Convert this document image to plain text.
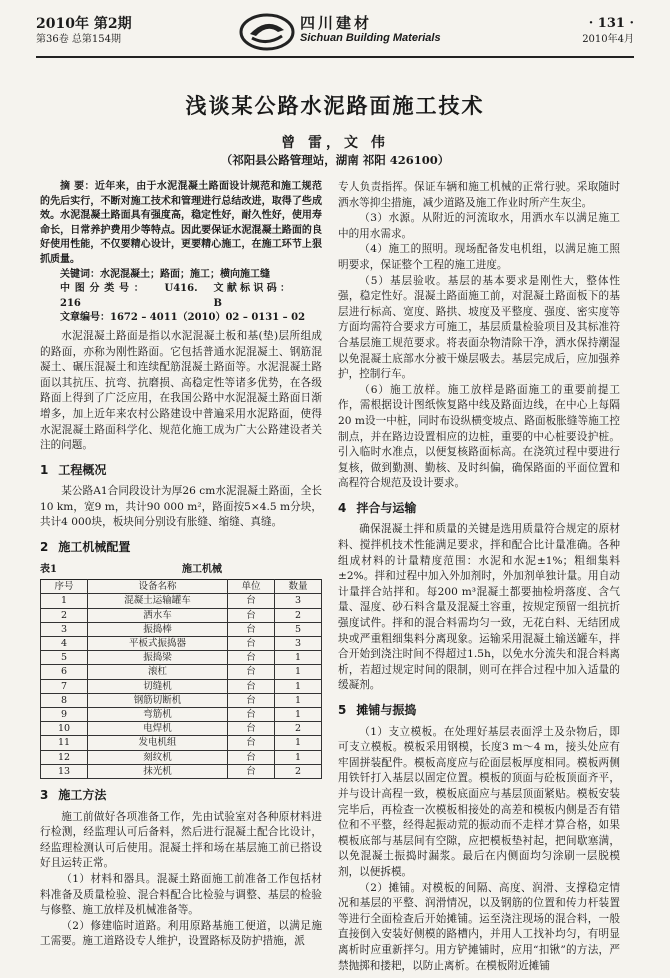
2010年 第2期
第36卷 总第154期
四川建材
Sichuan Building Materials
· 131 ·
2010年4月
浅谈某公路水泥路面施工技术
曾 雷，文 伟
（祁阳县公路管理站，湖南 祁阳 426100）

摘 要：近年来，由于水泥混凝土路面设计规范和施工规范的先后实行，不断对施工技术和管理进行总结改进，取得了些成效。水泥混凝土路面具有强度高，稳定性好，耐久性好，使用寿命长，日常养护费用少等特点。因此要保证水泥混凝土路面的良好使用性能，不仅要精心设计，更要精心施工，在施工环节上狠抓质量。

关键词：水泥混凝土；路面；施工；横向施工缝

中图分类号： U416. 216
文献标识码：B

文章编号：1672 – 4011（2010）02 – 0131 – 02

水泥混凝土路面是指以水泥混凝土板和基(垫)层所组成的路面，亦称为刚性路面。它包括普通水泥混凝土、钢筋混凝土、碾压混凝土和连续配筋混凝土路面等。水泥混凝土路面以其抗压、抗弯、抗磨损、高稳定性等诸多优势，在各级路面上得到了广泛应用，在我国公路中水泥混凝土路面日渐增多，加上近年来农村公路建设中普遍采用水泥路面，使得水泥混凝土路面科学化、规范化施工成为广大公路建设者关注的问题。

1 工程概况

某公路A1合同段设计为厚26 cm水泥混凝土路面，全长10 km，宽9 m，共计90 000 m²，路面按5×4.5 m分块，共计4 000块，板块间分别设有胀缝、缩缝、真缝。

2 施工机械配置
表1	施工机械
序号	设备名称	单位	数量
1	混凝土运输罐车	台	3
2	洒水车	台	2
3	振捣棒	台	5
4	平板式振捣器	台	3
5	振捣梁	台	1
6	滚杠	台	1
7	切缝机	台	1
8	钢筋切断机	台	1
9	弯筋机	台	1
10	电焊机	台	2
11	发电机组	台	1
12	刻纹机	台	1
13	抹光机	台	2
3 施工方法

施工前做好各项准备工作，先由试验室对各种原材料进行检测，经监理认可后备料，然后进行混凝土配合比设计，经监理检测认可后使用。混凝土拌和场在基层施工前已搭设好且运转正常。

（1）材料和器具。混凝土路面施工前准备工作包括材料准备及质量检验、混合料配合比检验与调整、基层的检验与修整、施工放样及机械准备等。

（2）修建临时道路。利用原路基施工便道，以满足施工需要。施工道路设专人维护，设置路标及防护措施，派

专人负责指挥。保证车辆和施工机械的正常行驶。采取随时洒水等抑尘措施，减少道路及施工作业时所产生灰尘。

（3）水源。从附近的河流取水，用洒水车以满足施工中的用水需求。

（4）施工的照明。现场配备发电机组，以满足施工照明要求，保证整个工程的施工进度。

（5）基层验收。基层的基本要求是刚性大，整体性强，稳定性好。混凝土路面施工前，对混凝土路面板下的基层进行标高、宽度、路拱、坡度及平整度、强度、密实度等方面均需符合要求方可施工，基层质量检验项目及其标准符合基层施工规范要求。将表面杂物清除干净，洒水保持潮湿以免混凝土底部水分被干燥层吸去。基层完成后，应加强养护，控制行车。

（6）施工放样。施工放样是路面施工的重要前提工作，需根据设计图纸恢复路中线及路面边线，在中心上每隔20 m设一中桩，同时布设纵横变坡点、路面板胀缝等施工控制点，并在路边设置相应的边桩，重要的中心桩要设护桩。引入临时水准点，以便复核路面标高。在浇筑过程中要进行复核，做到勤测、勤核、及时纠偏，确保路面的平面位置和高程符合规范及设计要求。

4 拌合与运输

确保混凝土拌和质量的关键是选用质量符合规定的原材料、搅拌机技术性能满足要求，拌和配合比计量准确。各种组成材料的计量精度范围：水泥和水泥±1%；粗细集料±2%。拌和过程中加入外加剂时，外加剂单独计量。用自动计量拌合站拌和。每200 m³混凝土都要抽检坍落度、含气量、湿度、砂石料含量及混凝土容重，按规定预留一组抗折强度试件。拌和的混合料需均匀一致，无花白料、无结团成块或严重粗细集料分离现象。运输采用混凝土输送罐车，拌合开始到浇注时间不得超过1.5h，以免水分流失和混合料离析，若超过规定时间的限制，则可在拌合过程中加入适量的缓凝剂。

5 摊铺与振捣

（1）支立模板。在处理好基层表面浮土及杂物后，即可支立模板。模板采用钢模，长度3 m～4 m，接头处应有牢固拼装配件。模板高度应与砼面层板厚度相同。模板两侧用铁钎打入基层以固定位置。模板的顶面与砼板顶面齐平，并与设计高程一致，模板底面应与基层顶面紧贴。模板安装完毕后，再检查一次模板相接处的高差和模板内侧是否有错位和不平整，经得起振动荒的振动而不走样才算合格，如果模板底部与基层间有空隙，应把模板垫衬起，把间歇塞满，以免混凝土振捣时漏浆。最后在内侧面均匀涂刷一层脱模剂，以便拆模。

（2）摊铺。对模板的间隔、高度、润滑、支撑稳定情况和基层的平整、润滑情况，以及钢筋的位置和传力杆装置等进行全面检查后开始摊铺。运至浇注现场的混合料，一般直接倒入安装好侧模的路槽内，并用人工找补均匀，有明显离析时应重新拌匀。用方铲摊铺时，应用“扣锹”的方法，严禁抛掷和搂耙，以防止离析。在模板附近摊铺
